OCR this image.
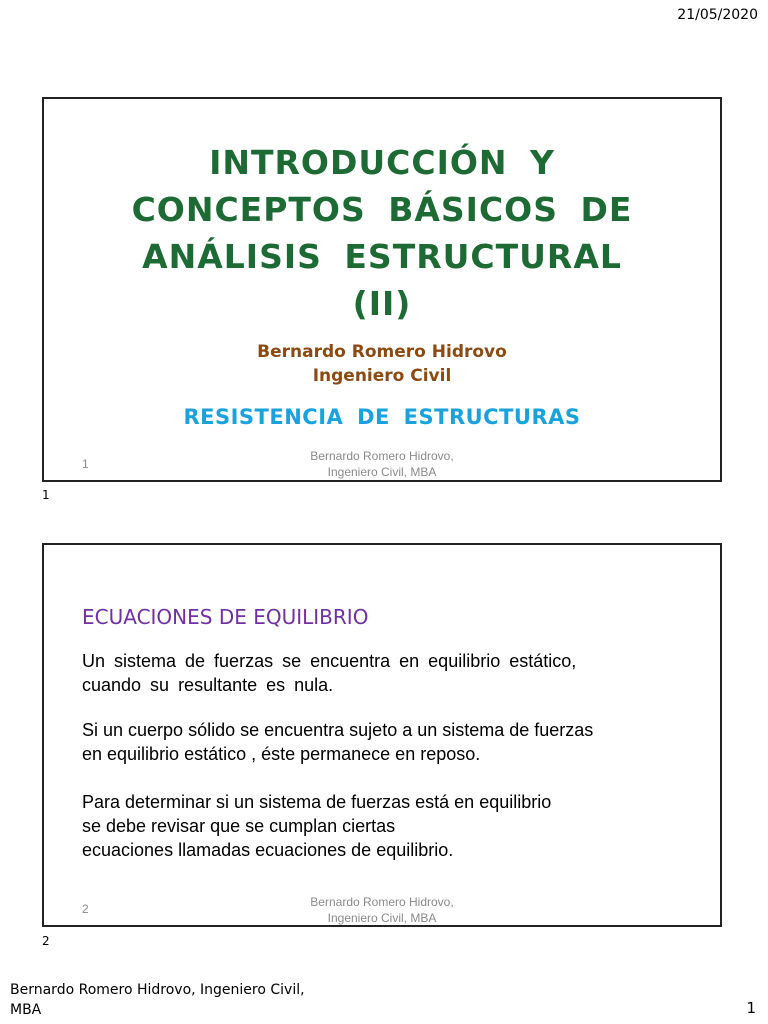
21/05/2020
INTRODUCCIÓN Y
CONCEPTOS BÁSICOS DE
ANÁLISIS ESTRUCTURAL
(II)
Bernardo Romero Hidrovo
Ingeniero Civil
RESISTENCIA DE ESTRUCTURAS
1
Bernardo Romero Hidrovo,
Ingeniero Civil, MBA
1
ECUACIONES DE EQUILIBRIO
Un sistema de fuerzas se encuentra en equilibrio estático,
cuando su resultante es nula.
Si un cuerpo sólido se encuentra sujeto a un sistema de fuerzas
en equilibrio estático , éste permanece en reposo.
Para determinar si un sistema de fuerzas está en equilibrio
se debe revisar que se cumplan ciertas
ecuaciones llamadas ecuaciones de equilibrio.
2	Bernardo Romero Hidrovo,
Ingeniero Civil, MBA
2
Bernardo Romero Hidrovo, Ingeniero Civil,
MBA	1
